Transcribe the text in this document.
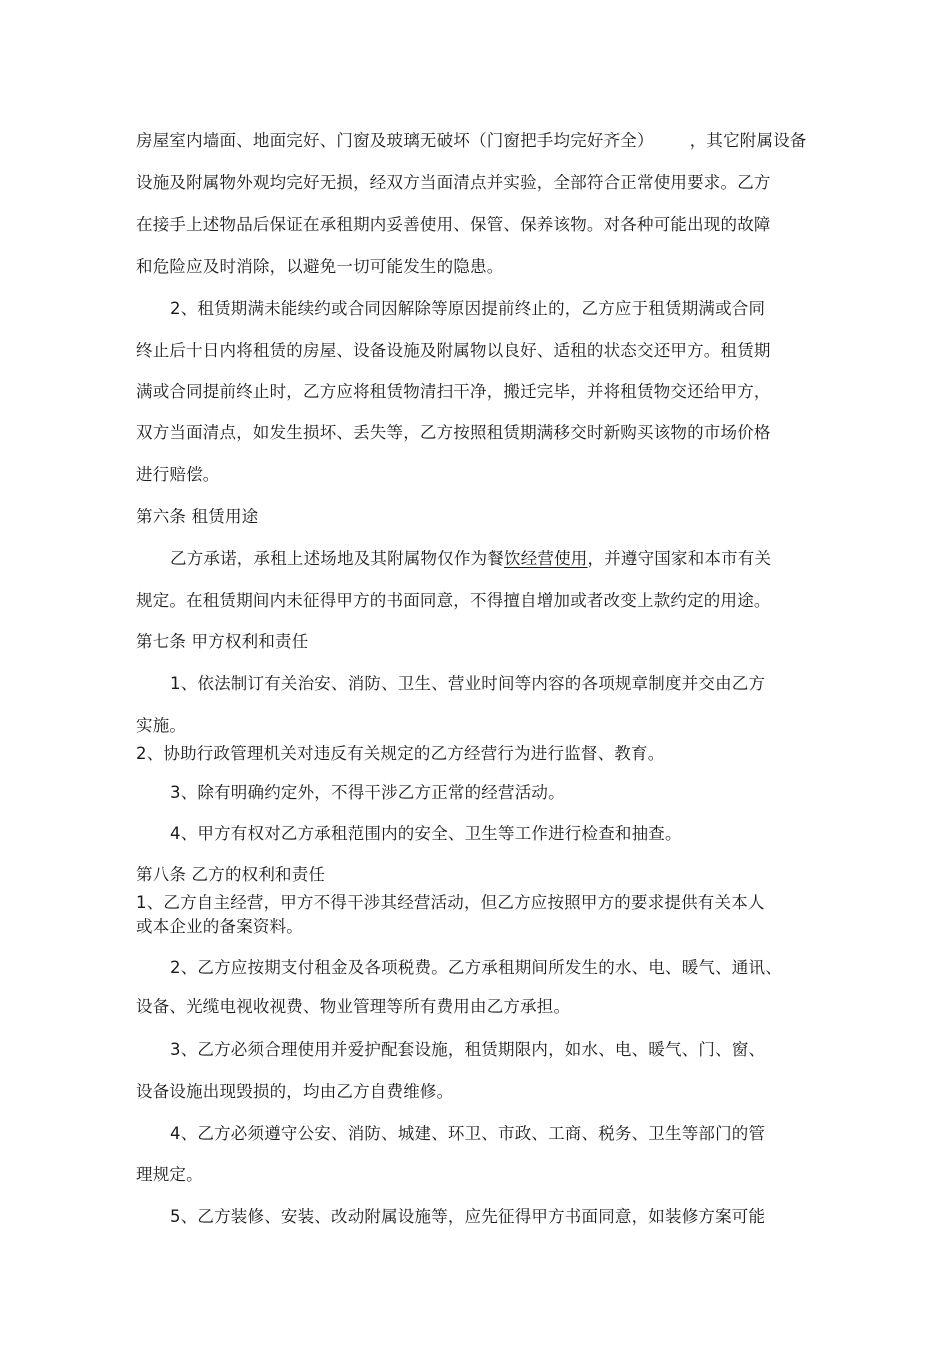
房屋室内墙面、地面完好、门窗及玻璃无破坏（门窗把手均完好齐全） ，其它附属设备
设施及附属物外观均完好无损，经双方当面清点并实验，全部符合正常使用要求。乙方
在接手上述物品后保证在承租期内妥善使用、保管、保养该物。对各种可能出现的故障
和危险应及时消除，以避免一切可能发生的隐患。
2、租赁期满未能续约或合同因解除等原因提前终止的，乙方应于租赁期满或合同
终止后十日内将租赁的房屋、设备设施及附属物以良好、适租的状态交还甲方。租赁期
满或合同提前终止时，乙方应将租赁物清扫干净，搬迁完毕，并将租赁物交还给甲方，
双方当面清点，如发生损坏、丢失等，乙方按照租赁期满移交时新购买该物的市场价格
进行赔偿。
第六条 租赁用途
乙方承诺，承租上述场地及其附属物仅作为餐饮经营使用，并遵守国家和本市有关
规定。在租赁期间内未征得甲方的书面同意，不得擅自增加或者改变上款约定的用途。
第七条 甲方权利和责任
1、依法制订有关治安、消防、卫生、营业时间等内容的各项规章制度并交由乙方
实施。
2、协助行政管理机关对违反有关规定的乙方经营行为进行监督、教育。
3、除有明确约定外，不得干涉乙方正常的经营活动。
4、甲方有权对乙方承租范围内的安全、卫生等工作进行检查和抽查。
第八条 乙方的权利和责任
1、乙方自主经营，甲方不得干涉其经营活动，但乙方应按照甲方的要求提供有关本人
或本企业的备案资料。
2、乙方应按期支付租金及各项税费。乙方承租期间所发生的水、电、暖气、通讯、
设备、光缆电视收视费、物业管理等所有费用由乙方承担。
3、乙方必须合理使用并爱护配套设施，租赁期限内，如水、电、暖气、门、窗、
设备设施出现毁损的，均由乙方自费维修。
4、乙方必须遵守公安、消防、城建、环卫、市政、工商、税务、卫生等部门的管
理规定。
5、乙方装修、安装、改动附属设施等，应先征得甲方书面同意，如装修方案可能
